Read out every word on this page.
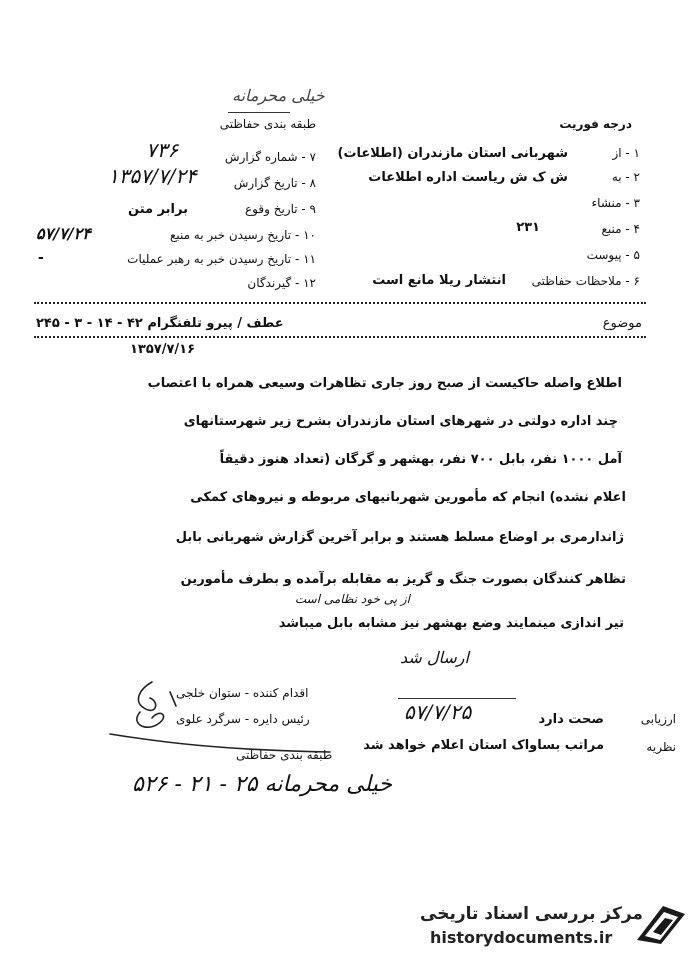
خیلی محرمانه
طبقه بندی حفاظتی	درجه فوریت
۱ - از
شهربانی استان مازندران (اطلاعات)
۲ - به
ش ک ش ریاست اداره اطلاعات
۳ - منشاء
۴ - منبع
۲۳۱
۵ - پیوست
۶ - ملاحظات حفاظتی
انتشار ریلا مانع است
۷ - شماره گزارش
۷۳۶
۸ - تاریخ گزارش
۱۳۵۷/۷/۲۴
۹ - تاریخ وقوع
برابر متن
۱۰ - تاریخ رسیدن خبر به منبع
۵۷/۷/۲۴
۱۱ - تاریخ رسیدن خبر به رهبر عملیات
-
۱۲ - گیرندگان
موضوع
عطف / پیرو تلفنگرام ۴۲ - ۱۴ - ۳ - ۲۴۵
۱۳۵۷/۷/۱۶
اطلاع واصله حاکیست از صبح روز جاری تظاهرات وسیعی همراه با اعتصاب
چند اداره دولتی در شهرهای استان مازندران بشرح زیر شهرستانهای
آمل ۱۰۰۰ نفر، بابل ۷۰۰ نفر، بهشهر و گرگان (تعداد هنوز دقیقاً
اعلام نشده) انجام که مأمورین شهربانیهای مربوطه و نیروهای کمکی
ژاندارمری بر اوضاع مسلط هستند و برابر آخرین گزارش شهربانی بابل
تظاهر کنندگان بصورت جنگ و گریز به مقابله برآمده و بطرف مأمورین
از پی خود نظامی است
تیر اندازی مینمایند وضع بهشهر نیز مشابه بابل میباشد
ارسال شد
۵۷/۷/۲۵
اقدام کننده - ستوان خلجی
رئیس دایره - سرگرد علوی	ارزیابی
صحت دارد
نظریه
مراتب بساواک استان اعلام خواهد شد
طبقه بندی حفاظتی
خیلی محرمانه ۲۵ - ۲۱ - ۵۲۶
مرکز بررسی اسناد تاریخی
historydocuments.ir
